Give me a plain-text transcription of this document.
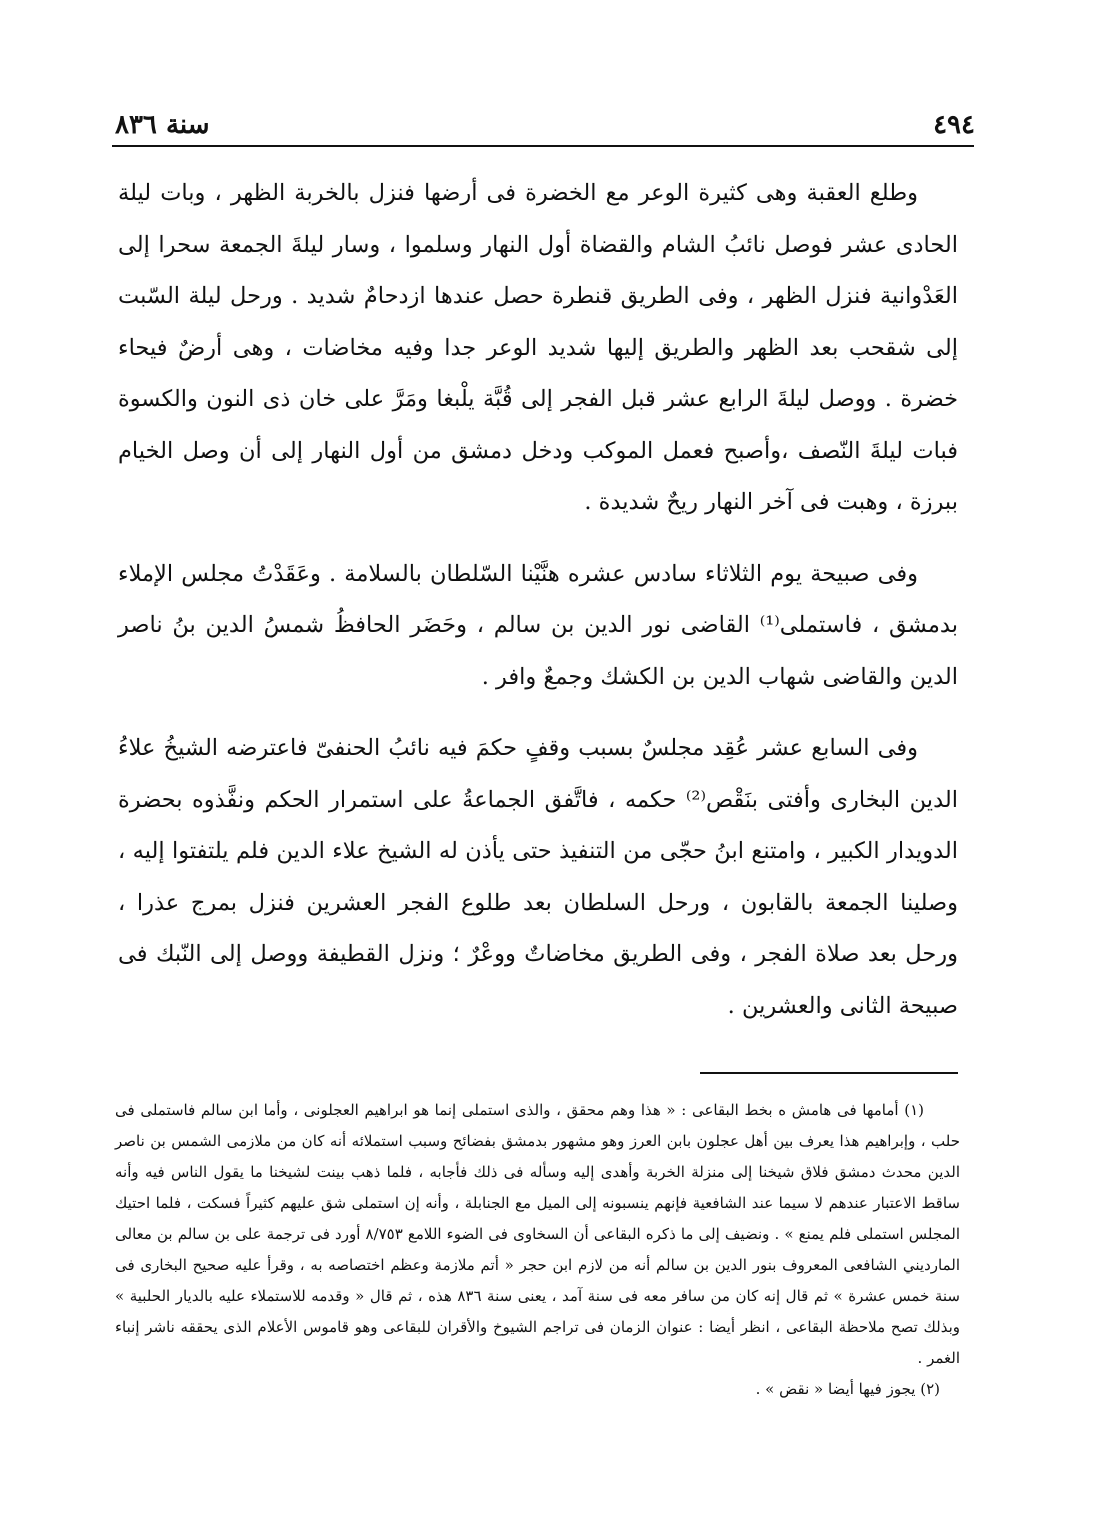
٤٩٤
سنة ٨٣٦

وطلع العقبة وهى كثيرة الوعر مع الخضرة فى أرضها فنزل بالخربة الظهر ، وبات ليلة الحادى عشر فوصل نائبُ الشام والقضاة أول النهار وسلموا ، وسار ليلةَ الجمعة سحرا إلى العَدْوانية فنزل الظهر ، وفى الطريق قنطرة حصل عندها ازدحامٌ شديد . ورحل ليلة السّبت إلى شقحب بعد الظهر والطريق إليها شديد الوعر جدا وفيه مخاضات ، وهى أرضٌ فيحاء خضرة . ووصل ليلةَ الرابع عشر قبل الفجر إلى قُبَّة يلْبغا ومَرَّ على خان ذى النون والكسوة فبات ليلةَ النّصف ،وأصبح فعمل الموكب ودخل دمشق من أول النهار إلى أن وصل الخيام ببرزة ، وهبت فى آخر النهار ريحٌ شديدة .

وفى صبيحة يوم الثلاثاء سادس عشره هنَّيْنا السّلطان بالسلامة . وعَقَدْتُ مجلس الإملاء بدمشق ، فاستملى⁽¹⁾ القاضى نور الدين بن سالم ، وحَضَر الحافظُ شمسُ الدين بنُ ناصر الدين والقاضى شهاب الدين بن الكشك وجمعٌ وافر .

وفى السابع عشر عُقِد مجلسٌ بسبب وقفٍ حكمَ فيه نائبُ الحنفىّ فاعترضه الشيخُ علاءُ الدين البخارى وأفتى بنَقْص⁽²⁾ حكمه ، فاتَّفق الجماعةُ على استمرار الحكم ونفَّذوه بحضرة الدويدار الكبير ، وامتنع ابنُ حجّى من التنفيذ حتى يأذن له الشيخ علاء الدين فلم يلتفتوا إليه ، وصلينا الجمعة بالقابون ، ورحل السلطان بعد طلوع الفجر العشرين فنزل بمرج عذرا ، ورحل بعد صلاة الفجر ، وفى الطريق مخاضاتٌ ووعْرٌ ؛ ونزل القطيفة ووصل إلى النّبك فى صبيحة الثانى والعشرين .

(١) أمامها فى هامش ه بخط البقاعى : « هذا وهم محقق ، والذى استملى إنما هو ابراهيم العجلونى ، وأما ابن سالم فاستملى فى حلب ، وإبراهيم هذا يعرف بين أهل عجلون بابن العرز وهو مشهور بدمشق بفضائح وسبب استملائه أنه كان من ملازمى الشمس بن ناصر الدين محدث دمشق فلاق شيخنا إلى منزلة الخربة وأهدى إليه وسأله فى ذلك فأجابه ، فلما ذهب بينت لشيخنا ما يقول الناس فيه وأنه ساقط الاعتبار عندهم لا سيما عند الشافعية فإنهم ينسبونه إلى الميل مع الجنابلة ، وأنه إن استملى شق عليهم كثيراً فسكت ، فلما احتيك المجلس استملى فلم يمنع » . ونضيف إلى ما ذكره البقاعى أن السخاوى فى الضوء اللامع ٨/٧٥٣ أورد فى ترجمة على بن سالم بن معالى المارديني الشافعى المعروف بنور الدين بن سالم أنه من لازم ابن حجر « أتم ملازمة وعظم اختصاصه به ، وقرأ عليه صحيح البخارى فى سنة خمس عشرة » ثم قال إنه كان من سافر معه فى سنة آمد ، يعنى سنة ٨٣٦ هذه ، ثم قال « وقدمه للاستملاء عليه بالديار الحلبية » وبذلك تصح ملاحظة البقاعى ، انظر أيضا : عنوان الزمان فى تراجم الشيوخ والأقران للبقاعى وهو قاموس الأعلام الذى يحققه ناشر إنباء الغمر .

(٢) يجوز فيها أيضا « نقض » .
